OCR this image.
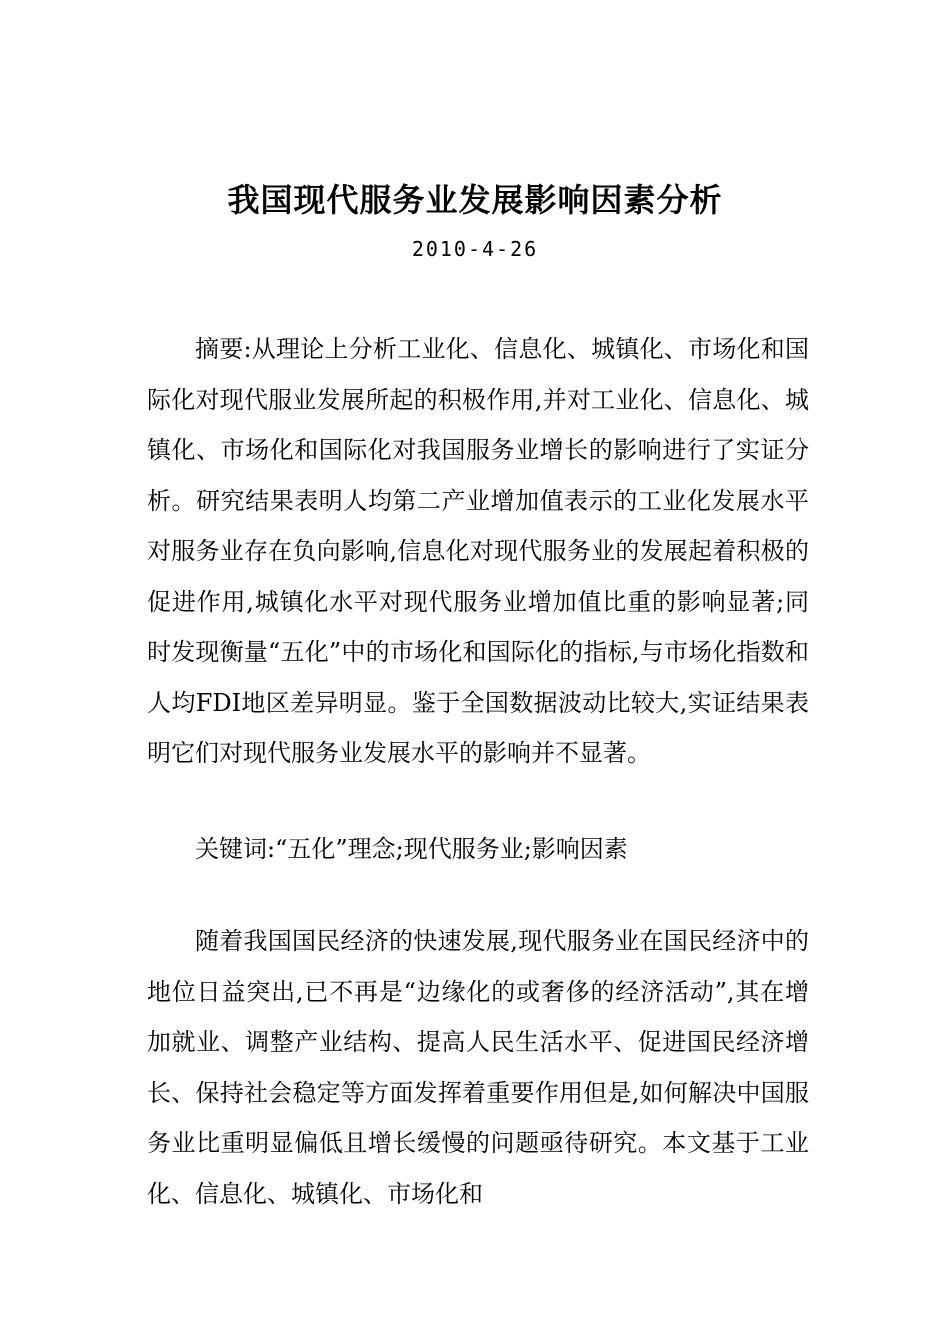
我国现代服务业发展影响因素分析
2010-4-26

摘要:从理论上分析工业化、信息化、城镇化、市场化和国际化对现代服业发展所起的积极作用,并对工业化、信息化、城镇化、市场化和国际化对我国服务业增长的影响进行了实证分析。研究结果表明人均第二产业增加值表示的工业化发展水平对服务业存在负向影响,信息化对现代服务业的发展起着积极的促进作用,城镇化水平对现代服务业增加值比重的影响显著;同时发现衡量“五化”中的市场化和国际化的指标,与市场化指数和人均FDI地区差异明显。鉴于全国数据波动比较大,实证结果表明它们对现代服务业发展水平的影响并不显著。

关键词:“五化”理念;现代服务业;影响因素

随着我国国民经济的快速发展,现代服务业在国民经济中的地位日益突出,已不再是“边缘化的或奢侈的经济活动”,其在增加就业、调整产业结构、提高人民生活水平、促进国民经济增长、保持社会稳定等方面发挥着重要作用但是,如何解决中国服务业比重明显偏低且增长缓慢的问题亟待研究。本文基于工业化、信息化、城镇化、市场化和
